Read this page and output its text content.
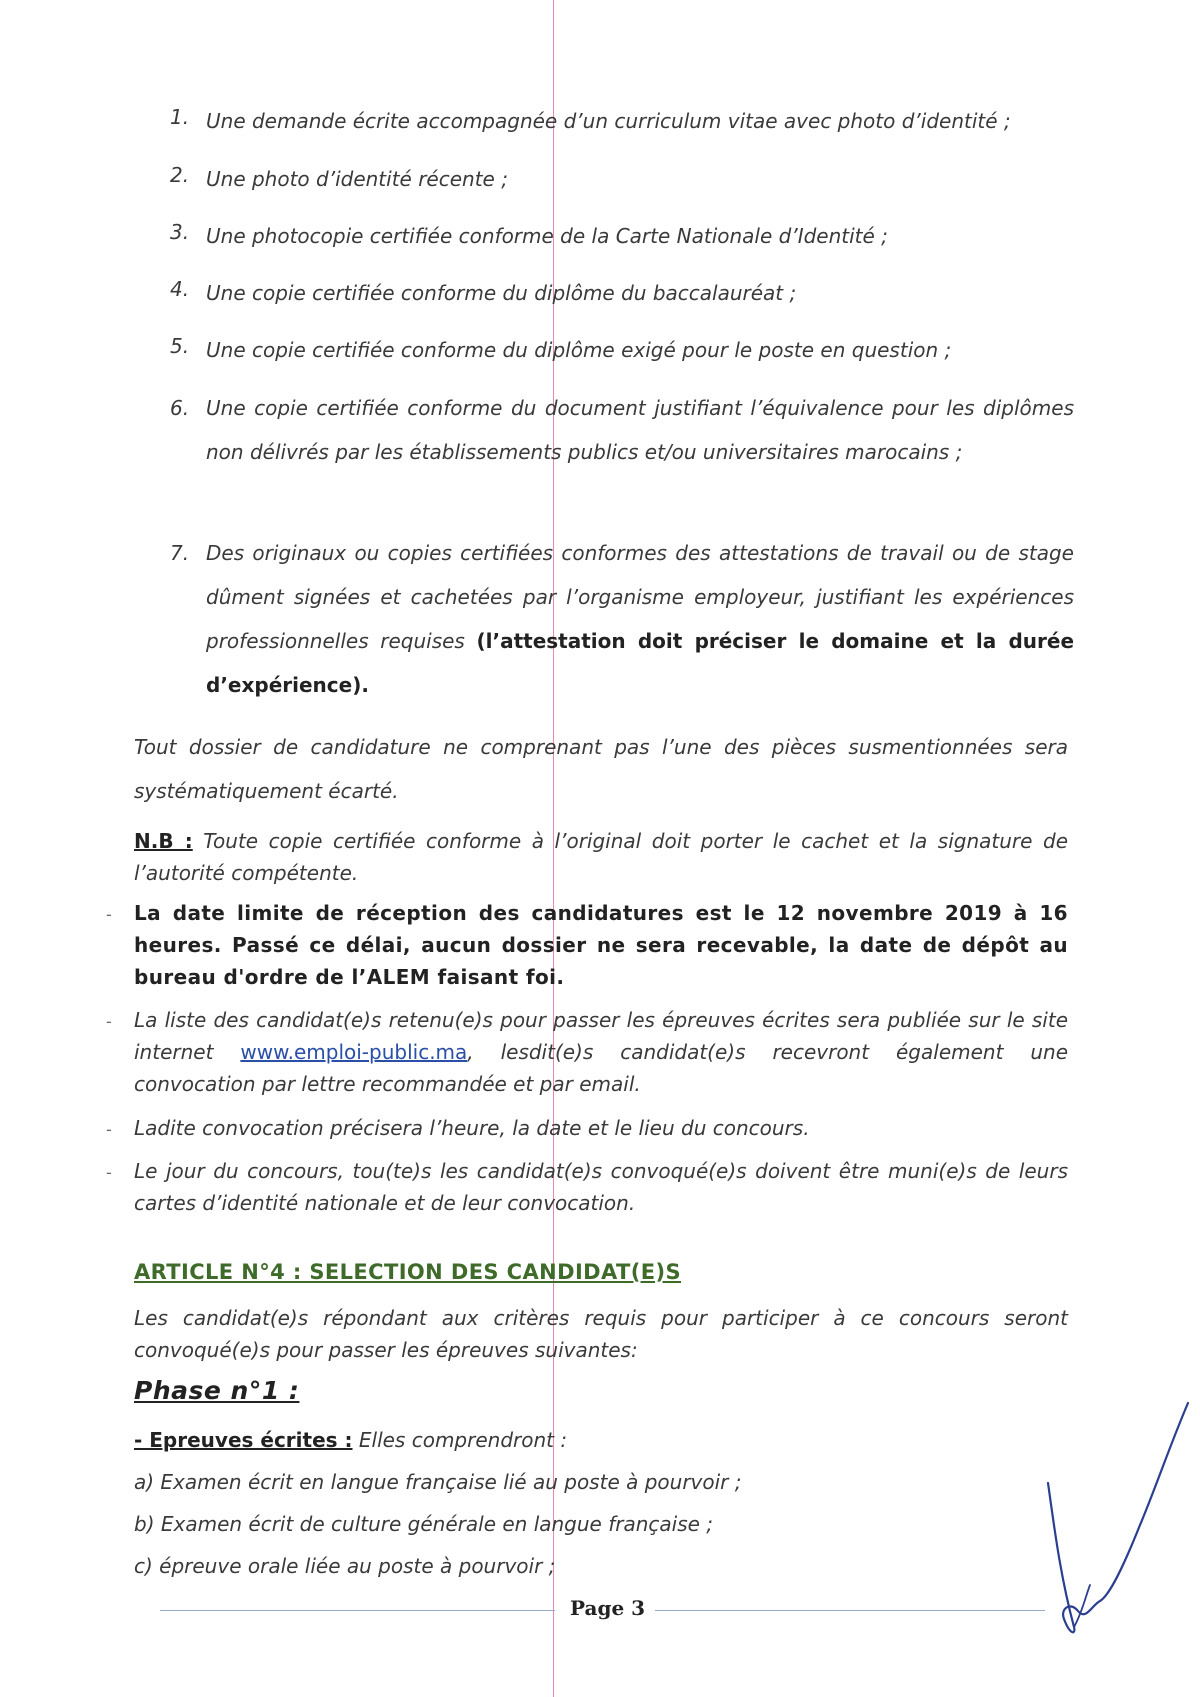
1. Une demande écrite accompagnée d’un curriculum vitae avec photo d’identité ;
2. Une photo d’identité récente ;
3. Une photocopie certifiée conforme de la Carte Nationale d’Identité ;
4. Une copie certifiée conforme du diplôme du baccalauréat ;
5. Une copie certifiée conforme du diplôme exigé pour le poste en question ;
6. Une copie certifiée conforme du document justifiant l’équivalence pour les diplômes non délivrés par les établissements publics et/ou universitaires marocains ;
7. Des originaux ou copies certifiées conformes des attestations de travail ou de stage dûment signées et cachetées par l’organisme employeur, justifiant les expériences professionnelles requises (l’attestation doit préciser le domaine et la durée d’expérience).
Tout dossier de candidature ne comprenant pas l’une des pièces susmentionnées sera systématiquement écarté.
N.B : Toute copie certifiée conforme à l’original doit porter le cachet et la signature de l’autorité compétente.
- La date limite de réception des candidatures est le 12 novembre 2019 à 16 heures. Passé ce délai, aucun dossier ne sera recevable, la date de dépôt au bureau d'ordre de l’ALEM faisant foi.
- La liste des candidat(e)s retenu(e)s pour passer les épreuves écrites sera publiée sur le site internet www.emploi-public.ma, lesdit(e)s candidat(e)s recevront également une convocation par lettre recommandée et par email.
- Ladite convocation précisera l’heure, la date et le lieu du concours.
- Le jour du concours, tou(te)s les candidat(e)s convoqué(e)s doivent être muni(e)s de leurs cartes d’identité nationale et de leur convocation.
ARTICLE N°4 : SELECTION DES CANDIDAT(E)S
Les candidat(e)s répondant aux critères requis pour participer à ce concours seront convoqué(e)s pour passer les épreuves suivantes:
Phase n°1 :
- Epreuves écrites : Elles comprendront :
a) Examen écrit en langue française lié au poste à pourvoir ;
b) Examen écrit de culture générale en langue française ;
c) épreuve orale liée au poste à pourvoir ;
Page 3
